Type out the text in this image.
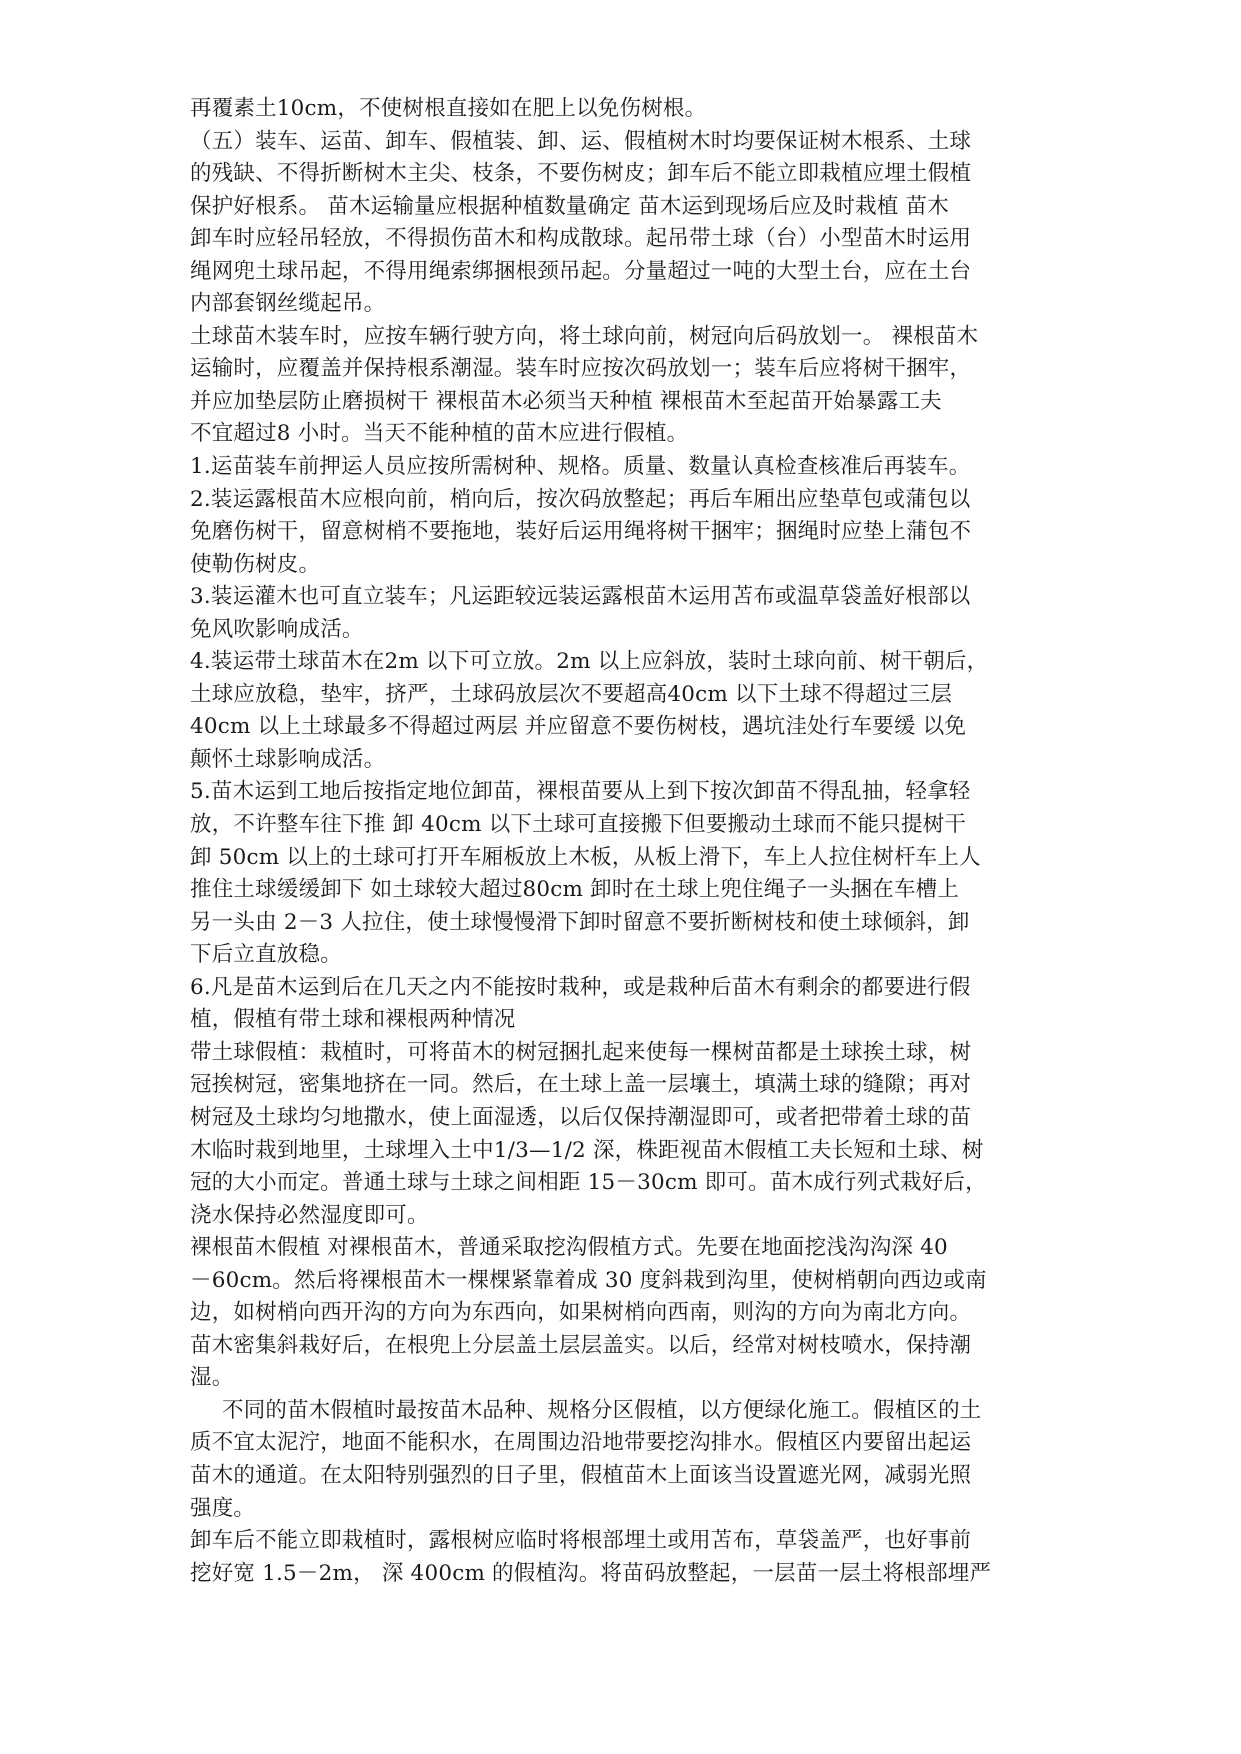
再覆素土10cm，不使树根直接如在肥上以免伤树根。
（五）装车、运苗、卸车、假植装、卸、运、假植树木时均要保证树木根系、土球
的残缺、不得折断树木主尖、枝条，不要伤树皮；卸车后不能立即栽植应埋土假植
保护好根系。 苗木运输量应根据种植数量确定 苗木运到现场后应及时栽植 苗木
卸车时应轻吊轻放，不得损伤苗木和构成散球。起吊带土球（台）小型苗木时运用
绳网兜土球吊起，不得用绳索绑捆根颈吊起。分量超过一吨的大型土台，应在土台
内部套钢丝缆起吊。
土球苗木装车时，应按车辆行驶方向，将土球向前，树冠向后码放划一。 裸根苗木
运输时，应覆盖并保持根系潮湿。装车时应按次码放划一；装车后应将树干捆牢，
并应加垫层防止磨损树干 裸根苗木必须当天种植 裸根苗木至起苗开始暴露工夫
不宜超过8 小时。当天不能种植的苗木应进行假植。
1.运苗装车前押运人员应按所需树种、规格。质量、数量认真检查核准后再装车。
2.装运露根苗木应根向前，梢向后，按次码放整起；再后车厢出应垫草包或蒲包以
免磨伤树干，留意树梢不要拖地，装好后运用绳将树干捆牢；捆绳时应垫上蒲包不
使勒伤树皮。
3.装运灌木也可直立装车；凡运距较远装运露根苗木运用苫布或温草袋盖好根部以
免风吹影响成活。
4.装运带土球苗木在2m 以下可立放。2m 以上应斜放，装时土球向前、树干朝后，
土球应放稳，垫牢，挤严，土球码放层次不要超高40cm 以下土球不得超过三层
40cm 以上土球最多不得超过两层 并应留意不要伤树枝，遇坑洼处行车要缓 以免
颠怀土球影响成活。
5.苗木运到工地后按指定地位卸苗，裸根苗要从上到下按次卸苗不得乱抽，轻拿轻
放，不许整车往下推 卸 40cm 以下土球可直接搬下但要搬动土球而不能只提树干
卸 50cm 以上的土球可打开车厢板放上木板，从板上滑下，车上人拉住树杆车上人
推住土球缓缓卸下 如土球较大超过80cm 卸时在土球上兜住绳子一头捆在车槽上
另一头由 2－3 人拉住，使土球慢慢滑下卸时留意不要折断树枝和使土球倾斜，卸
下后立直放稳。
6.凡是苗木运到后在几天之内不能按时栽种，或是栽种后苗木有剩余的都要进行假
植，假植有带土球和裸根两种情况
带土球假植：栽植时，可将苗木的树冠捆扎起来使每一棵树苗都是土球挨土球，树
冠挨树冠，密集地挤在一同。然后，在土球上盖一层壤土，填满土球的缝隙；再对
树冠及土球均匀地撒水，使上面湿透，以后仅保持潮湿即可，或者把带着土球的苗
木临时栽到地里，土球埋入土中1/3—1/2 深，株距视苗木假植工夫长短和土球、树
冠的大小而定。普通土球与土球之间相距 15－30cm 即可。苗木成行列式栽好后，
浇水保持必然湿度即可。
裸根苗木假植 对裸根苗木，普通采取挖沟假植方式。先要在地面挖浅沟沟深 40
－60cm。然后将裸根苗木一棵棵紧靠着成 30 度斜栽到沟里，使树梢朝向西边或南
边，如树梢向西开沟的方向为东西向，如果树梢向西南，则沟的方向为南北方向。
苗木密集斜栽好后，在根兜上分层盖土层层盖实。以后，经常对树枝喷水，保持潮
湿。
不同的苗木假植时最按苗木品种、规格分区假植，以方便绿化施工。假植区的土
质不宜太泥泞，地面不能积水，在周围边沿地带要挖沟排水。假植区内要留出起运
苗木的通道。在太阳特别强烈的日子里，假植苗木上面该当设置遮光网，减弱光照
强度。
卸车后不能立即栽植时，露根树应临时将根部埋土或用苫布，草袋盖严，也好事前
挖好宽 1.5－2m， 深 400cm 的假植沟。将苗码放整起，一层苗一层土将根部埋严
